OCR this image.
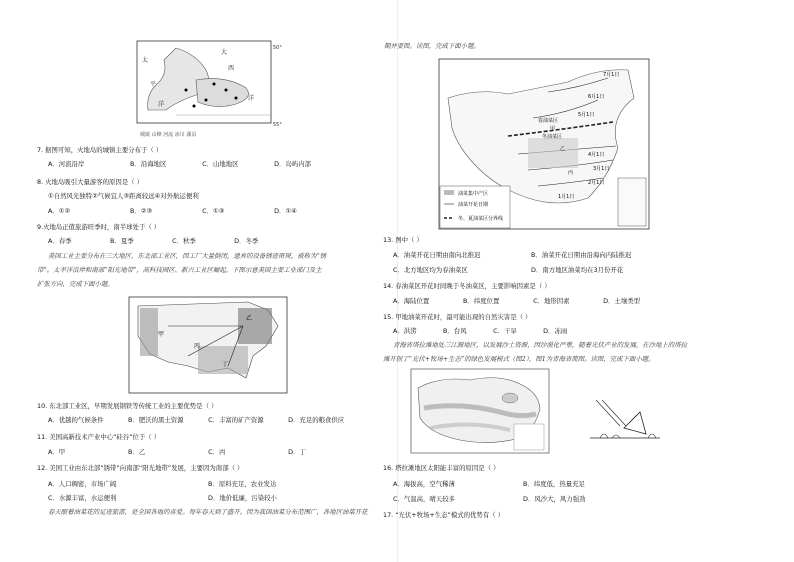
大
西
洋
太
平
洋
50°
55°
城镇 山峰 河流 冰川 湖泊
7. 据图可知，火地岛的城镇主要分布于（ ）
A．河流沿岸	B．沿海地区	C．山地地区	D．岛屿内部
8. 火地岛吸引大量游客的原因是（ ）
①自然风光独特②气候宜人③距离较远④对外航运便利
A．①②	B．②③	C．①③	D．①④
9.火地岛正值旅游旺季时，南半球处于（ ）
A．春季	B．夏季	C．秋季	D．冬季
美国工业主要分布在三大地区，东北部工业区，因工厂大量倒闭，遗弃的设备锈迹斑斑，被称为“锈
带”。太平洋沿岸和南部“阳光地带”，高科技园区、新兴工业区崛起。下图示意美国主要工业部门及主
扩张方向，完成下面小题。
甲
乙
丙
丁
10. 东北部工业区，早期发展钢铁等传统工业的主要优势是（ ）
A．优越的气候条件	B．肥沃的黑土资源	C．丰富的矿产资源	D．充足的粮食供应
11. 美国高新技术产业中心“硅谷”位于（ ）
A．甲	B．乙	C．丙	D．丁
12. 美国工业由东北部“锈带”向南部“阳光地带”发展，主要因为南部（ ）
A．人口稠密，市场广阔	B．原料充足，农业发达
C．水源丰富，水运便利	D．地价低廉，污染较小
春天眼着油菜花的足迹旅游，是全国各地的喜爱。每年春天到了盛开。因为我国油菜分布范围广，各地区油菜开花
期并要图。读图，完成下面小题。
7月1日
6月1日
5月1日
4月1日
3月1日
2月1日
1月1日
春油菜区
冬油菜区
甲
乙
丙
油菜集中产区
油菜开花日期
冬、夏油菜区分界线
13. 图中（ ）
A．油菜开花日期由南向北推迟	B．油菜开花日期由沿海向内陆推迟
C．北方地区均为春油菜区	D．南方地区油菜均在3月份开花
14. 春油菜区开花时间晚于冬油菜区，主要影响因素是（ ）
A．海陆位置	B．纬度位置	C．地形因素	D．土壤类型
15. 甲地油菜开花时，最可能出现的自然灾害是（ ）
A．洪涝	B．台风	C．干旱	D．冻雨
青海省塔拉滩地处三江源地区，以发展沙土资源，因沙漠化严重，随着光伏产业的发展，在沙地上的塔拉
滩开创了“光伏+牧场+生态”的绿色发展模式（图2），图1为青海省简图。读图，完成下面小题。
16. 塔拉滩地区太阳能丰富的原因是（ ）
A．海拔高，空气稀薄	B．纬度低，热量充足
C．气温高，晴天较多	D．风沙大，风力强劲
17. “光伏+牧场+生态”模式的优势有（ ）
